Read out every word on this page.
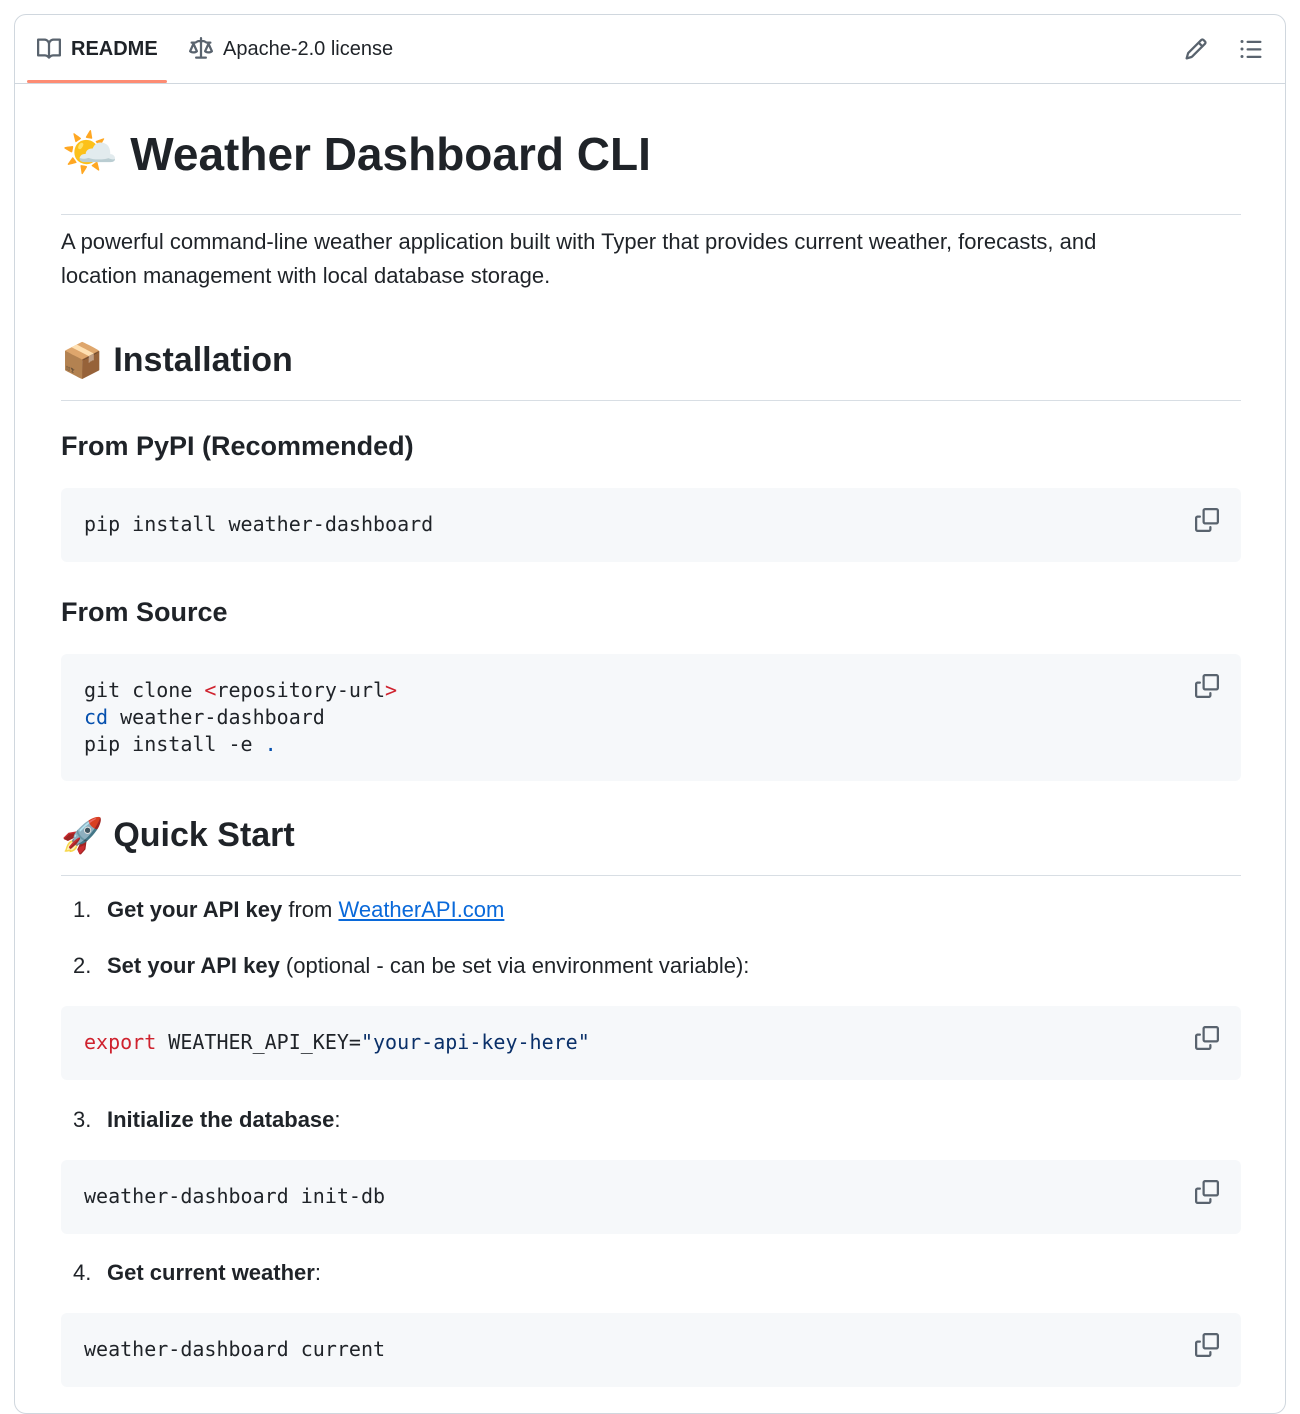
README	Apache-2.0 license
🌤️ Weather Dashboard CLI

A powerful command-line weather application built with Typer that provides current weather, forecasts, and
location management with local database storage.

📦 Installation
From PyPI (Recommended)
pip install weather-dashboard
From Source
git clone <repository-url>
cd weather-dashboard
pip install -e .
🚀 Quick Start
1. Get your API key from WeatherAPI.com
2. Set your API key (optional - can be set via environment variable):
export WEATHER_API_KEY="your-api-key-here"
3. Initialize the database :
weather-dashboard init-db
4. Get current weather :
weather-dashboard current
